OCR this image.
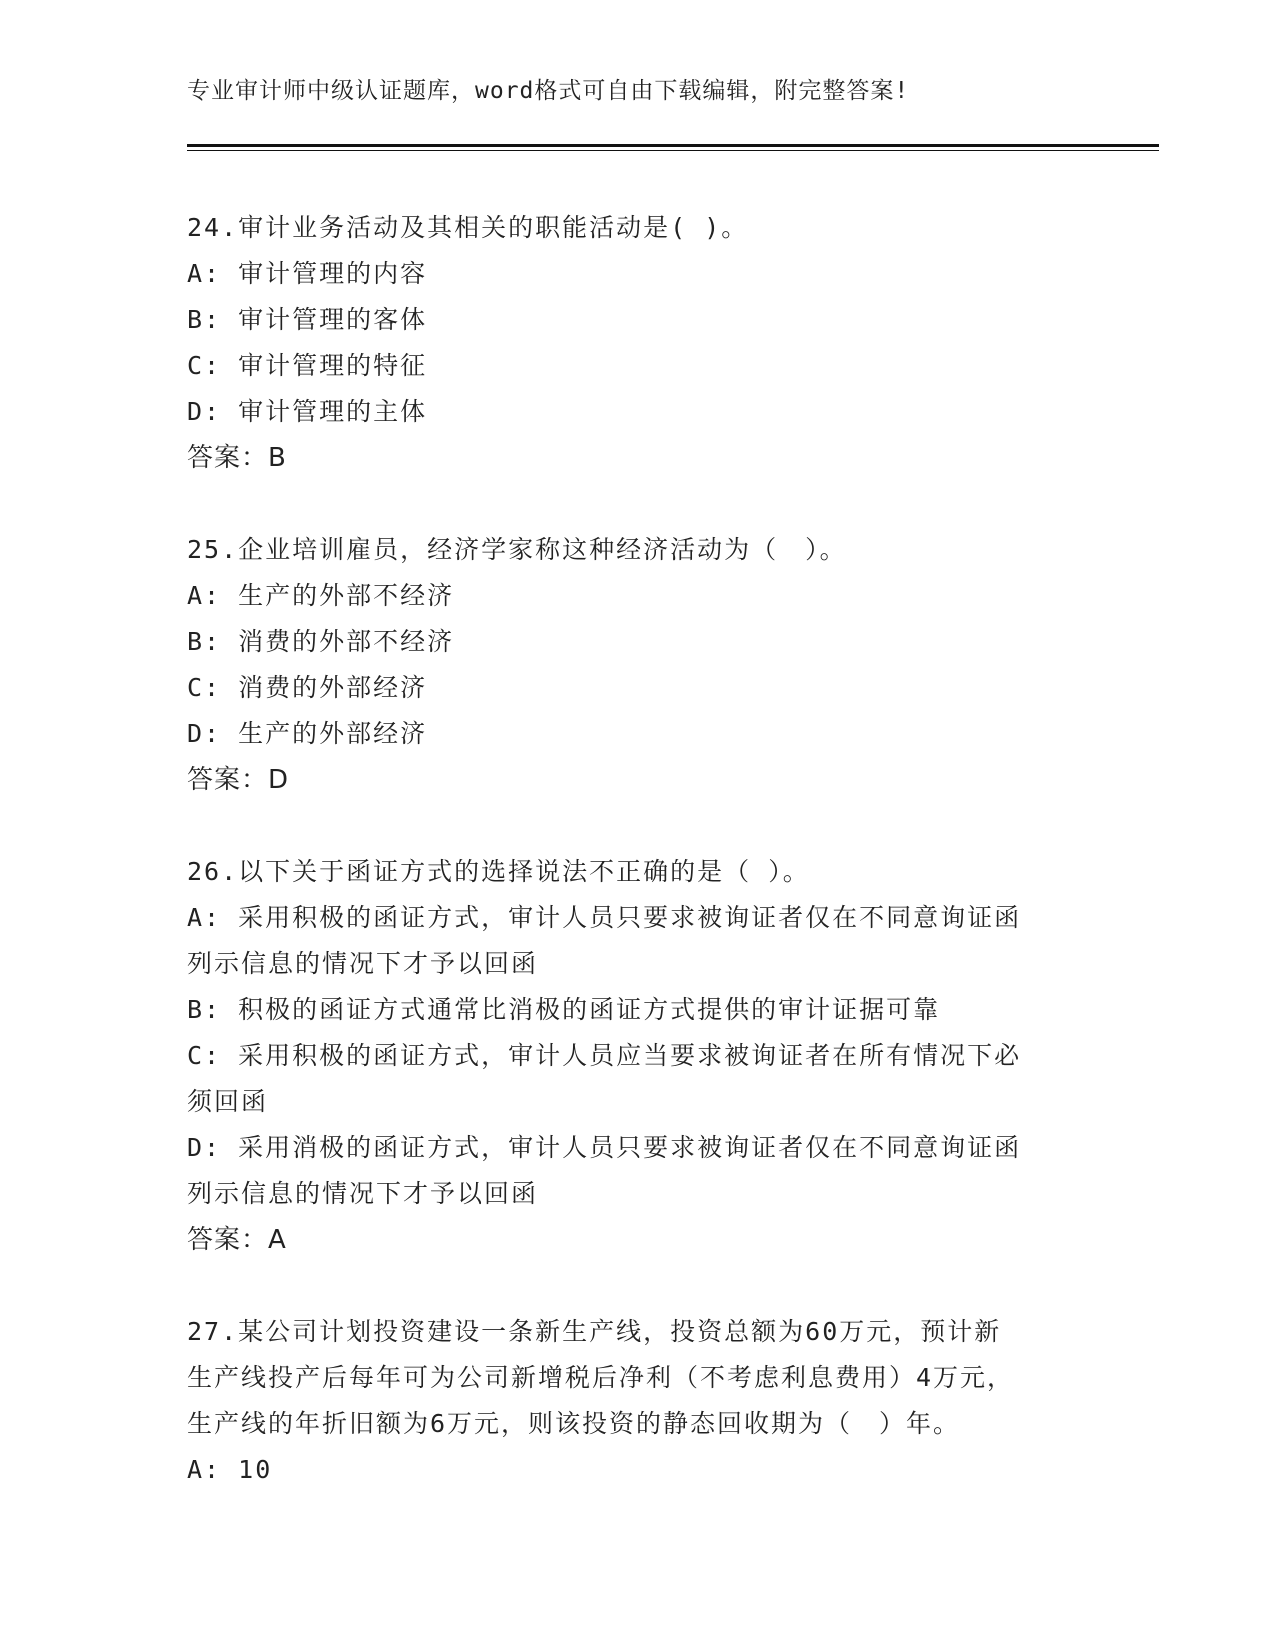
专业审计师中级认证题库，word格式可自由下载编辑，附完整答案!
24.审计业务活动及其相关的职能活动是( )。
A: 审计管理的内容
B: 审计管理的客体
C: 审计管理的特征
D: 审计管理的主体
答案：B
25.企业培训雇员，经济学家称这种经济活动为（　）。
A: 生产的外部不经济
B: 消费的外部不经济
C: 消费的外部经济
D: 生产的外部经济
答案：D
26.以下关于函证方式的选择说法不正确的是（ ）。
A: 采用积极的函证方式，审计人员只要求被询证者仅在不同意询证函
列示信息的情况下才予以回函
B: 积极的函证方式通常比消极的函证方式提供的审计证据可靠
C: 采用积极的函证方式，审计人员应当要求被询证者在所有情况下必
须回函
D: 采用消极的函证方式，审计人员只要求被询证者仅在不同意询证函
列示信息的情况下才予以回函
答案：A
27.某公司计划投资建设一条新生产线，投资总额为60万元，预计新
生产线投产后每年可为公司新增税后净利（不考虑利息费用）4万元，
生产线的年折旧额为6万元，则该投资的静态回收期为（　）年。
A: 10
